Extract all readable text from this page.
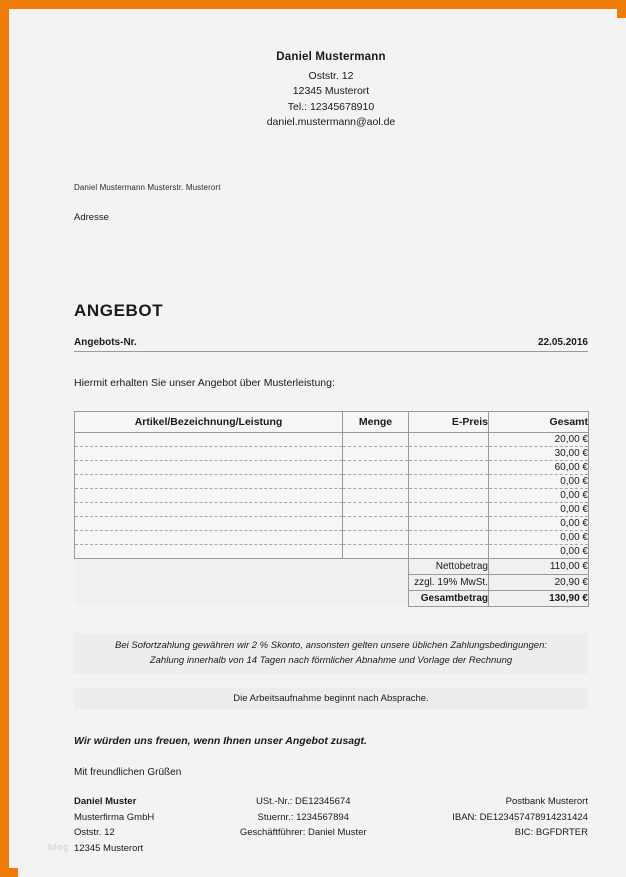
Daniel Mustermann
Oststr. 12
12345 Musterort
Tel.: 12345678910
daniel.mustermann@aol.de
Daniel Mustermann Musterstr. Musterort
Adresse
ANGEBOT
Angebots-Nr.	22.05.2016
Hiermit erhalten Sie unser Angebot über Musterleistung:
Artikel/Bezeichnung/Leistung	Menge	E-Preis	Gesamt
			20,00 €
			30,00 €
			60,00 €
			0,00 €
			0,00 €
			0,00 €
			0,00 €
			0,00 €
			0,00 €
		Nettobetrag	110,00 €
		zzgl. 19% MwSt.	20,90 €
		Gesamtbetrag	130,90 €
Bei Sofortzahlung gewähren wir 2 % Skonto, ansonsten gelten unsere üblichen Zahlungsbedingungen:
Zahlung innerhalb von 14 Tagen nach förmlicher Abnahme und Vorlage der Rechnung
Die Arbeitsaufnahme beginnt nach Absprache.
Wir würden uns freuen, wenn Ihnen unser Angebot zusagt.
Mit freundlichen Grüßen
Daniel Muster
Musterfirma GmbH
Oststr. 12
12345 Musterort
USt.-Nr.: DE12345674
Stuernr.: 1234567894
Geschäftführer: Daniel Muster
Postbank Musterort
IBAN: DE123457478914231424
BIC: BGFDRTER
blog
